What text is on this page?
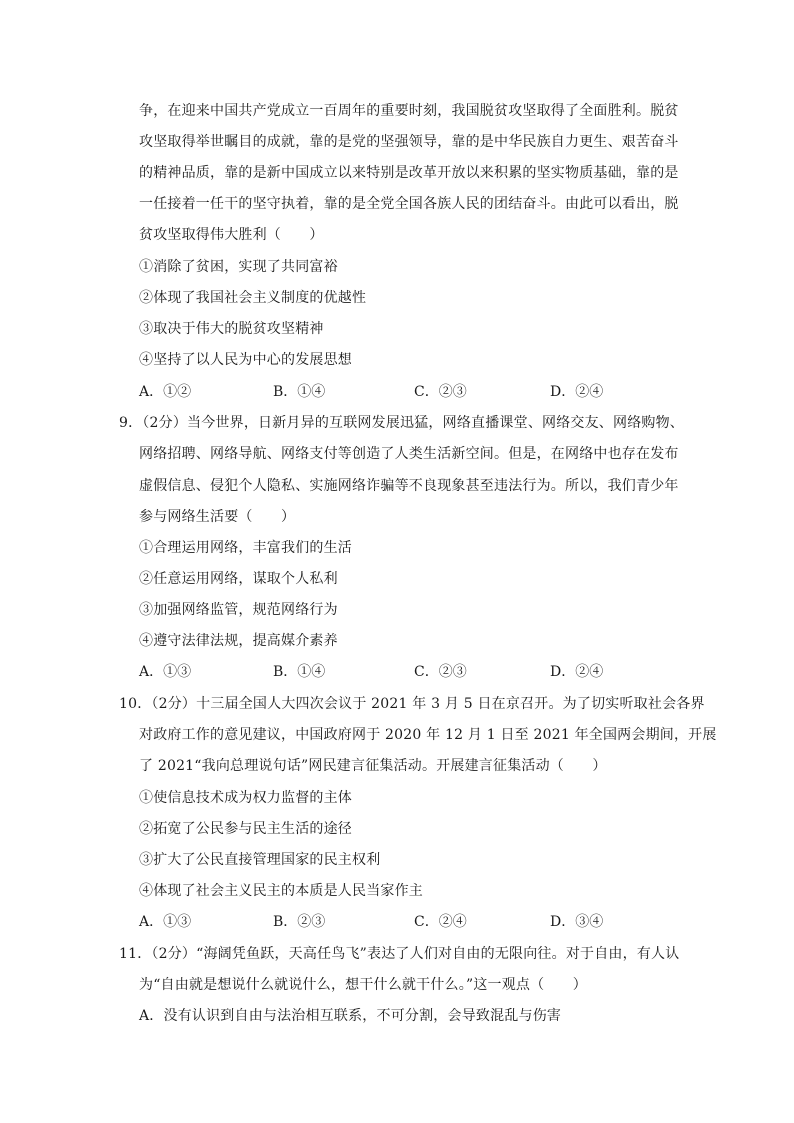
争，在迎来中国共产党成立一百周年的重要时刻，我国脱贫攻坚取得了全面胜利。脱贫
攻坚取得举世瞩目的成就，靠的是党的坚强领导，靠的是中华民族自力更生、艰苦奋斗
的精神品质，靠的是新中国成立以来特别是改革开放以来积累的坚实物质基础，靠的是
一任接着一任干的坚守执着，靠的是全党全国各族人民的团结奋斗。由此可以看出，脱
贫攻坚取得伟大胜利（　　）
①消除了贫困，实现了共同富裕
②体现了我国社会主义制度的优越性
③取决于伟大的脱贫攻坚精神
④坚持了以人民为中心的发展思想
A．①②	B．①④	C．②③	D．②④
9．（2分）当今世界，日新月异的互联网发展迅猛，网络直播课堂、网络交友、网络购物、
网络招聘、网络导航、网络支付等创造了人类生活新空间。但是，在网络中也存在发布
虚假信息、侵犯个人隐私、实施网络诈骗等不良现象甚至违法行为。所以，我们青少年
参与网络生活要（　　）
①合理运用网络，丰富我们的生活
②任意运用网络，谋取个人私利
③加强网络监管，规范网络行为
④遵守法律法规，提高媒介素养
A．①③	B．①④	C．②③	D．②④
10．（2分）十三届全国人大四次会议于 2021 年 3 月 5 日在京召开。为了切实听取社会各界
对政府工作的意见建议，中国政府网于 2020 年 12 月 1 日至 2021 年全国两会期间，开展
了 2021“我向总理说句话”网民建言征集活动。开展建言征集活动（　　）
①使信息技术成为权力监督的主体
②拓宽了公民参与民主生活的途径
③扩大了公民直接管理国家的民主权利
④体现了社会主义民主的本质是人民当家作主
A．①③	B．②③	C．②④	D．③④
11．（2分）“海阔凭鱼跃，天高任鸟飞”表达了人们对自由的无限向往。对于自由，有人认
为“自由就是想说什么就说什么，想干什么就干什么。”这一观点（　　）
A．没有认识到自由与法治相互联系，不可分割，会导致混乱与伤害
